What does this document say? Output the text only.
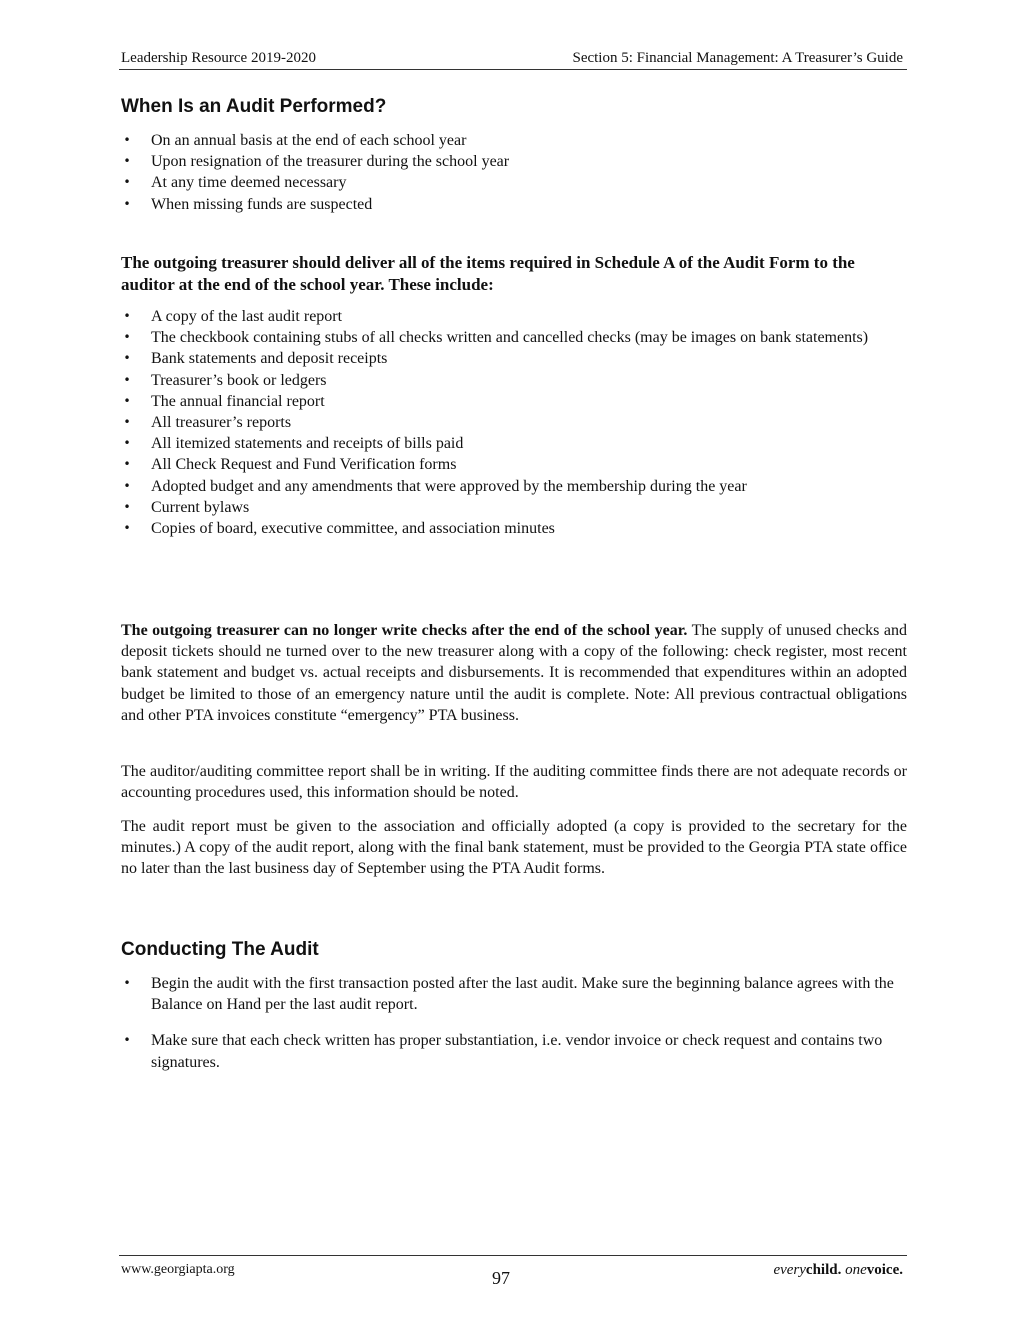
Leadership Resource 2019-2020	Section 5: Financial Management: A Treasurer’s Guide
When Is an Audit Performed?
• On an annual basis at the end of each school year
• Upon resignation of the treasurer during the school year
• At any time deemed necessary
• When missing funds are suspected

The outgoing treasurer should deliver all of the items required in Schedule A of the Audit Form to the auditor at the end of the school year. These include:

• A copy of the last audit report
• The checkbook containing stubs of all checks written and cancelled checks (may be images on bank statements)
• Bank statements and deposit receipts
• Treasurer’s book or ledgers
• The annual financial report
• All treasurer’s reports
• All itemized statements and receipts of bills paid
• All Check Request and Fund Verification forms
• Adopted budget and any amendments that were approved by the membership during the year
• Current bylaws
• Copies of board, executive committee, and association minutes

The outgoing treasurer can no longer write checks after the end of the school year. The supply of unused checks and deposit tickets should ne turned over to the new treasurer along with a copy of the following: check register, most recent bank statement and budget vs. actual receipts and disbursements. It is recommended that expenditures within an adopted budget be limited to those of an emergency nature until the audit is complete. Note: All previous contractual obligations and other PTA invoices constitute “emergency” PTA business.

The auditor/auditing committee report shall be in writing. If the auditing committee finds there are not adequate records or accounting procedures used, this information should be noted.

The audit report must be given to the association and officially adopted (a copy is provided to the secretary for the minutes.) A copy of the audit report, along with the final bank statement, must be provided to the Georgia PTA state office no later than the last business day of September using the PTA Audit forms.

Conducting The Audit
• Begin the audit with the first transaction posted after the last audit. Make sure the beginning balance agrees with the Balance on Hand per the last audit report.
• Make sure that each check written has proper substantiation, i.e. vendor invoice or check request and contains two signatures.
www.georgiapta.org	97	everychild. onevoice.
